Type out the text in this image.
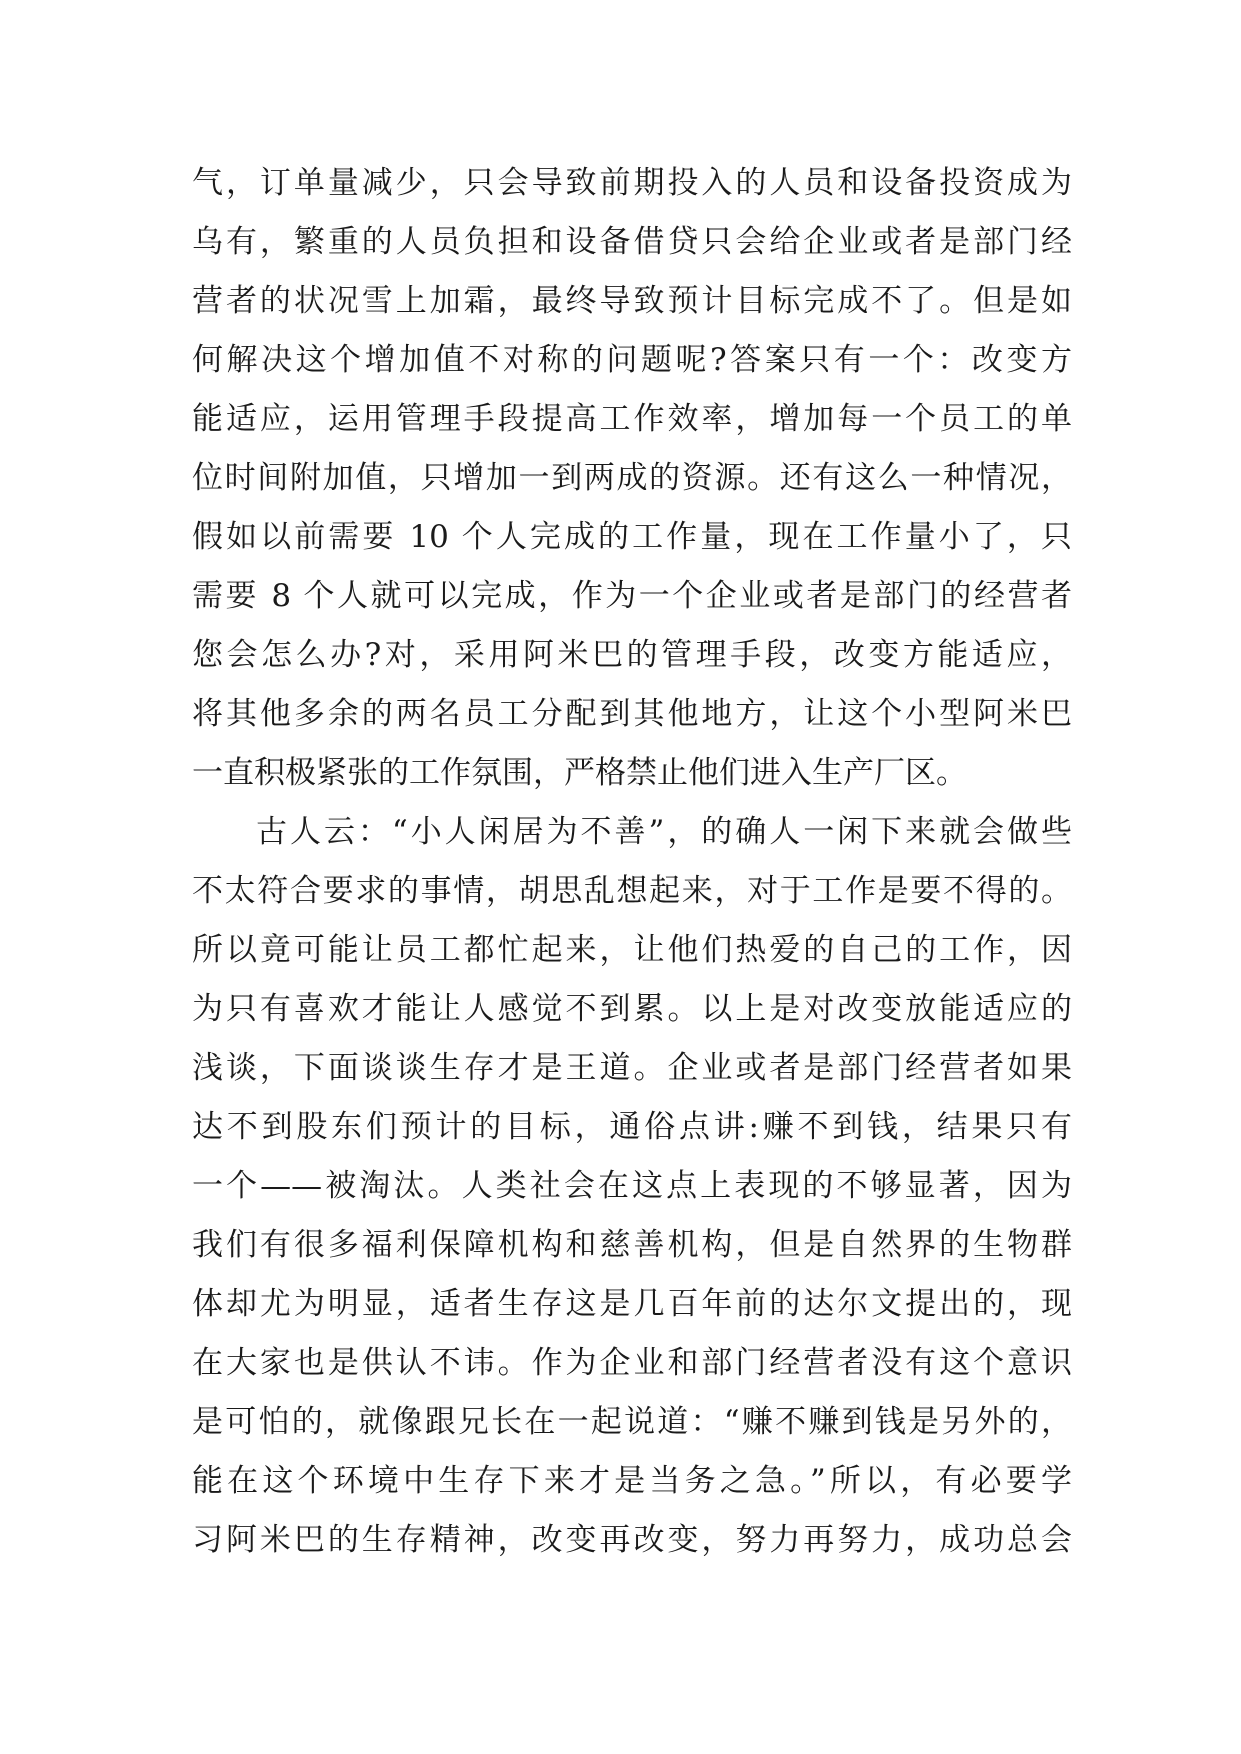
气，订单量减少，只会导致前期投入的人员和设备投资成为
乌有，繁重的人员负担和设备借贷只会给企业或者是部门经
营者的状况雪上加霜，最终导致预计目标完成不了。但是如
何解决这个增加值不对称的问题呢?答案只有一个：改变方
能适应，运用管理手段提高工作效率，增加每一个员工的单
位时间附加值，只增加一到两成的资源。还有这么一种情况，
假如以前需要 10 个人完成的工作量，现在工作量小了，只
需要 8 个人就可以完成，作为一个企业或者是部门的经营者
您会怎么办?对，采用阿米巴的管理手段，改变方能适应，
将其他多余的两名员工分配到其他地方，让这个小型阿米巴
一直积极紧张的工作氛围，严格禁止他们进入生产厂区。
古人云：“小人闲居为不善”，的确人一闲下来就会做些
不太符合要求的事情，胡思乱想起来，对于工作是要不得的。
所以竟可能让员工都忙起来，让他们热爱的自己的工作，因
为只有喜欢才能让人感觉不到累。以上是对改变放能适应的
浅谈，下面谈谈生存才是王道。企业或者是部门经营者如果
达不到股东们预计的目标，通俗点讲:赚不到钱，结果只有
一个——被淘汰。人类社会在这点上表现的不够显著，因为
我们有很多福利保障机构和慈善机构，但是自然界的生物群
体却尤为明显，适者生存这是几百年前的达尔文提出的，现
在大家也是供认不讳。作为企业和部门经营者没有这个意识
是可怕的，就像跟兄长在一起说道：“赚不赚到钱是另外的，
能在这个环境中生存下来才是当务之急。”所以，有必要学
习阿米巴的生存精神，改变再改变，努力再努力，成功总会
